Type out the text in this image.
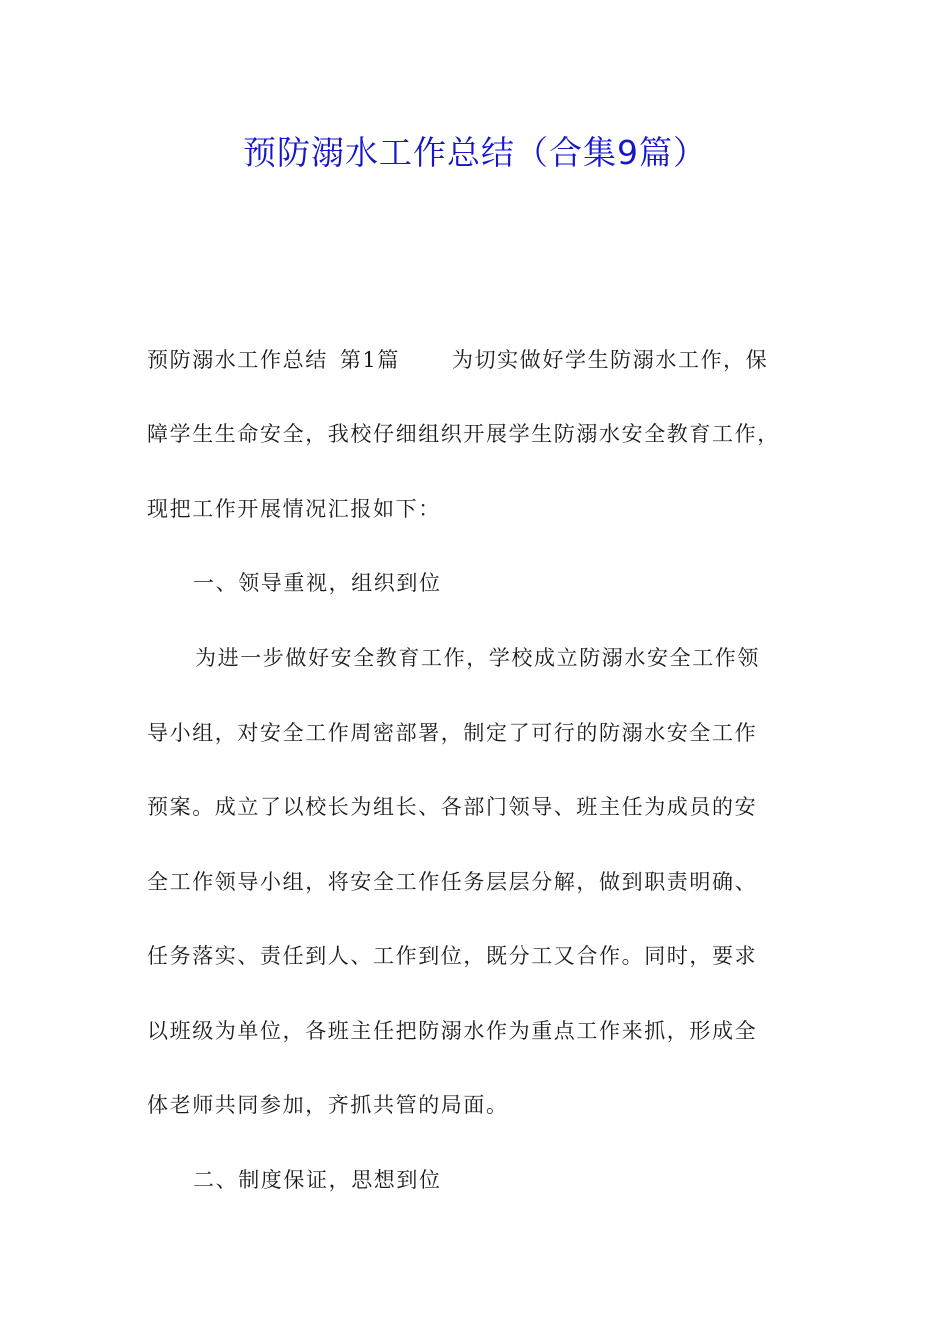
预防溺水工作总结（合集9篇）
预防溺水工作总结 第1篇 为切实做好学生防溺水工作，保
障学生生命安全，我校仔细组织开展学生防溺水安全教育工作，
现把工作开展情况汇报如下：
一、领导重视，组织到位
为进一步做好安全教育工作，学校成立防溺水安全工作领
导小组，对安全工作周密部署，制定了可行的防溺水安全工作
预案。成立了以校长为组长、各部门领导、班主任为成员的安
全工作领导小组，将安全工作任务层层分解，做到职责明确、
任务落实、责任到人、工作到位，既分工又合作。同时，要求
以班级为单位，各班主任把防溺水作为重点工作来抓，形成全
体老师共同参加，齐抓共管的局面。
二、制度保证，思想到位
